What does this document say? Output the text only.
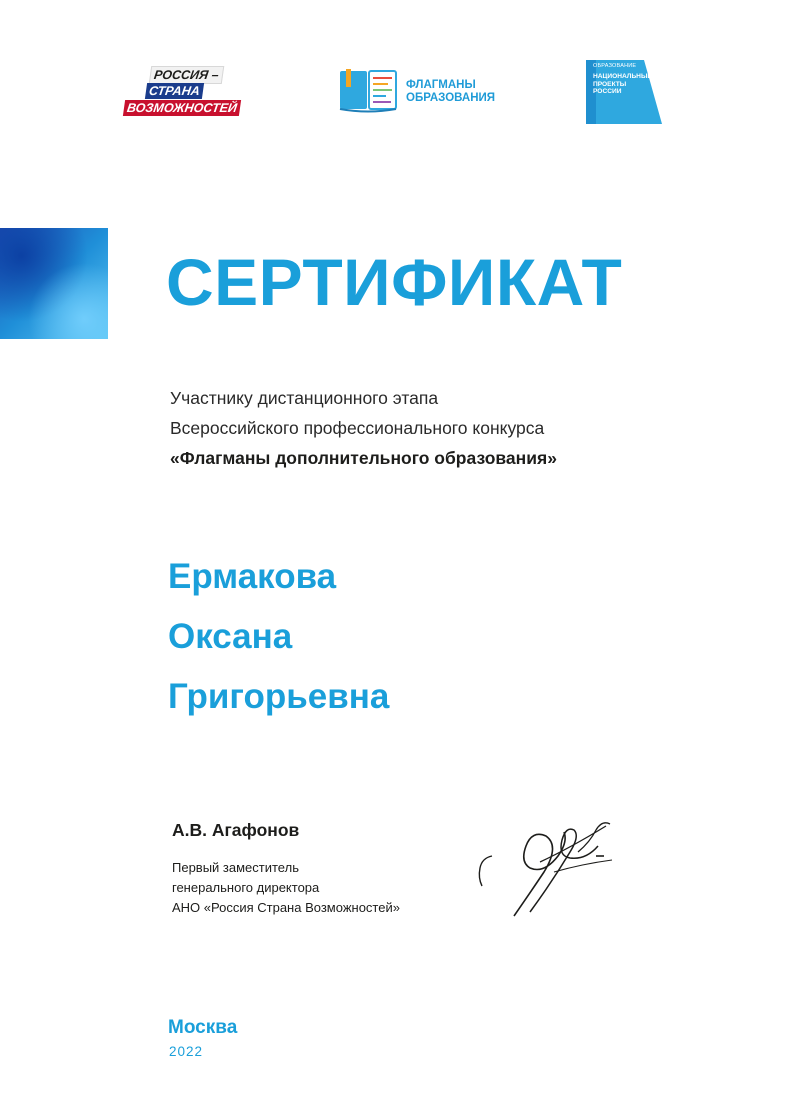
РОССИЯ –
СТРАНА
ВОЗМОЖНОСТЕЙ
ФЛАГМАНЫ
ОБРАЗОВАНИЯ
ОБРАЗОВАНИЕ
НАЦИОНАЛЬНЫЕ
ПРОЕКТЫ
РОССИИ
СЕРТИФИКАТ
Участнику дистанционного этапа
Всероссийского профессионального конкурса
«Флагманы дополнительного образования»
Ермакова
Оксана
Григорьевна
А.В. Агафонов
Первый заместитель
генерального директора
АНО «Россия Страна Возможностей»
Москва
2022
